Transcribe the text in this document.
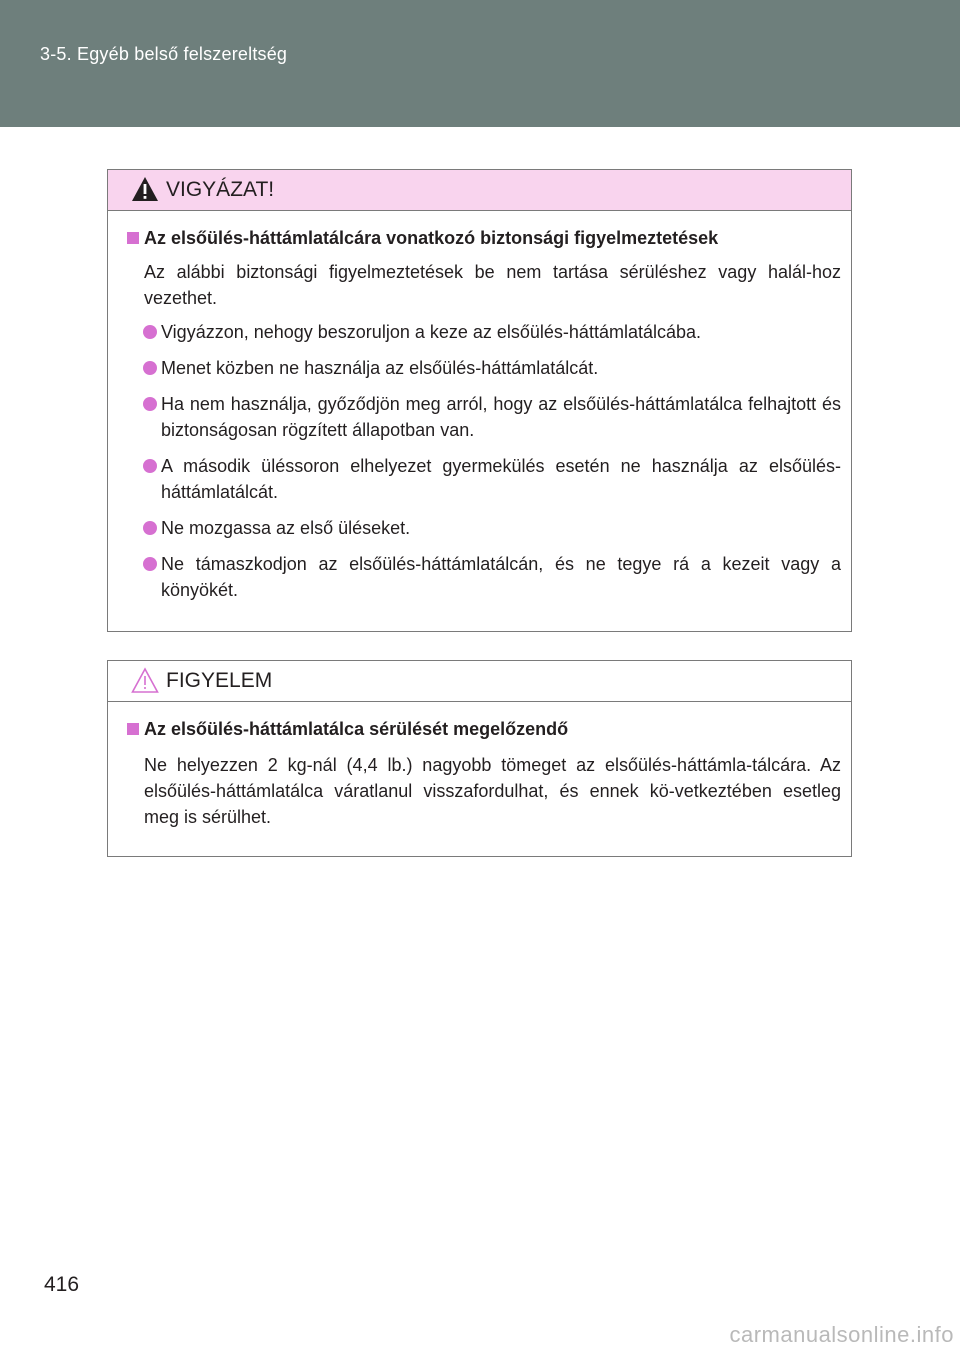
3-5. Egyéb belső felszereltség
VIGYÁZAT!
Az elsőülés-háttámlatálcára vonatkozó biztonsági figyelmeztetések

Az alábbi biztonsági figyelmeztetések be nem tartása sérüléshez vagy halál-hoz vezethet.

Vigyázzon, nehogy beszoruljon a keze az elsőülés-háttámlatálcába.

Menet közben ne használja az elsőülés-háttámlatálcát.

Ha nem használja, győződjön meg arról, hogy az elsőülés-háttámlatálca felhajtott és biztonságosan rögzített állapotban van.

A második üléssoron elhelyezet gyermekülés esetén ne használja az elsőülés-háttámlatálcát.

Ne mozgassa az első üléseket.

Ne támaszkodjon az elsőülés-háttámlatálcán, és ne tegye rá a kezeit vagy a könyökét.

FIGYELEM
Az elsőülés-háttámlatálca sérülését megelőzendő

Ne helyezzen 2 kg-nál (4,4 lb.) nagyobb tömeget az elsőülés-háttámla-tálcára. Az elsőülés-háttámlatálca váratlanul visszafordulhat, és ennek kö-vetkeztében esetleg meg is sérülhet.

416
carmanualsonline.info
